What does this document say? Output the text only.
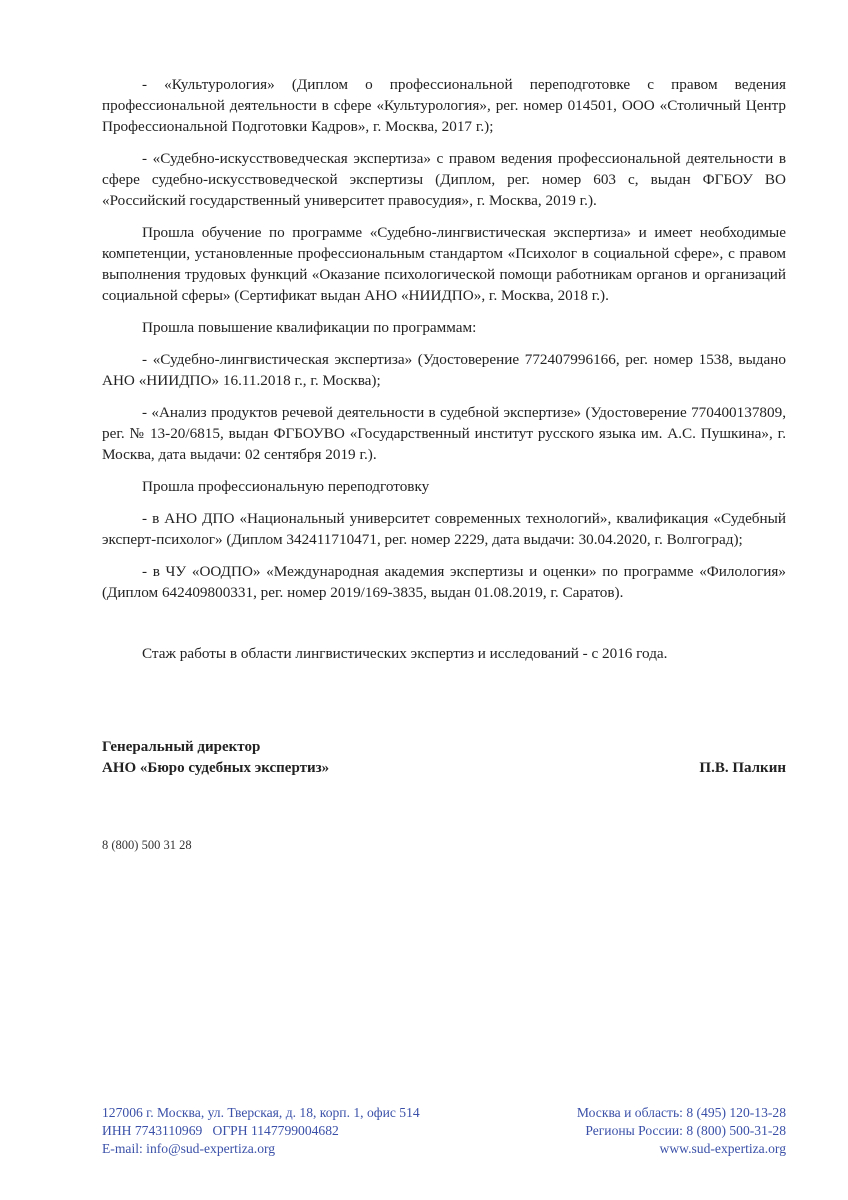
- «Культурология» (Диплом о профессиональной переподготовке с правом ведения профессиональной деятельности в сфере «Культурология», рег. номер 014501, ООО «Столичный Центр Профессиональной Подготовки Кадров», г. Москва, 2017 г.);

- «Судебно-искусствоведческая экспертиза» с правом ведения профессиональной деятельности в сфере судебно-искусствоведческой экспертизы (Диплом, рег. номер 603 с, выдан ФГБОУ ВО «Российский государственный университет правосудия», г. Москва, 2019 г.).

Прошла обучение по программе «Судебно-лингвистическая экспертиза» и имеет необходимые компетенции, установленные профессиональным стандартом «Психолог в социальной сфере», с правом выполнения трудовых функций «Оказание психологической помощи работникам органов и организаций социальной сферы» (Сертификат выдан АНО «НИИДПО», г. Москва, 2018 г.).

Прошла повышение квалификации по программам:

- «Судебно-лингвистическая экспертиза» (Удостоверение 772407996166, рег. номер 1538, выдано АНО «НИИДПО» 16.11.2018 г., г. Москва);

- «Анализ продуктов речевой деятельности в судебной экспертизе» (Удостоверение 770400137809, рег. № 13-20/6815, выдан ФГБОУВО «Государственный институт русского языка им. А.С. Пушкина», г. Москва, дата выдачи: 02 сентября 2019 г.).

Прошла профессиональную переподготовку

- в АНО ДПО «Национальный университет современных технологий», квалификация «Судебный эксперт-психолог» (Диплом 342411710471, рег. номер 2229, дата выдачи: 30.04.2020, г. Волгоград);

- в ЧУ «ООДПО» «Международная академия экспертизы и оценки» по программе «Филология» (Диплом 642409800331, рег. номер 2019/169-3835, выдан 01.08.2019, г. Саратов).

Стаж работы в области лингвистических экспертиз и исследований - с 2016 года.

Генеральный директор
АНО «Бюро судебных экспертиз»	П.В. Палкин
8 (800) 500 31 28
127006 г. Москва, ул. Тверская, д. 18, корп. 1, офис 514
ИНН 7743110969   ОГРН 1147799004682
E-mail: info@sud-expertiza.org
Москва и область: 8 (495) 120-13-28
Регионы России: 8 (800) 500-31-28
www.sud-expertiza.org
